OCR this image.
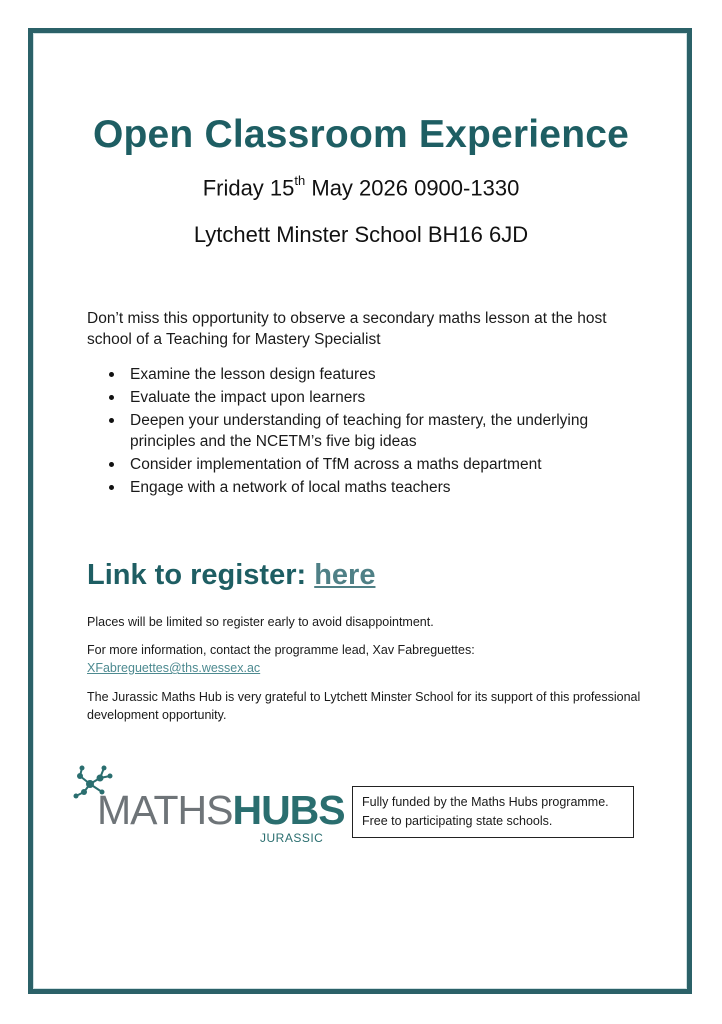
Open Classroom Experience
Friday 15th May 2026 0900-1330
Lytchett Minster School BH16 6JD
Don’t miss this opportunity to observe a secondary maths lesson at the host school of a Teaching for Mastery Specialist
Examine the lesson design features
Evaluate the impact upon learners
Deepen your understanding of teaching for mastery, the underlying principles and the NCETM’s five big ideas
Consider implementation of TfM across a maths department
Engage with a network of local maths teachers
Link to register: here
Places will be limited so register early to avoid disappointment.
For more information, contact the programme lead, Xav Fabreguettes:
XFabreguettes@ths.wessex.ac
The Jurassic Maths Hub is very grateful to Lytchett Minster School for its support of this professional development opportunity.
MATHSHUBS
JURASSIC
Fully funded by the Maths Hubs programme.
Free to participating state schools.
